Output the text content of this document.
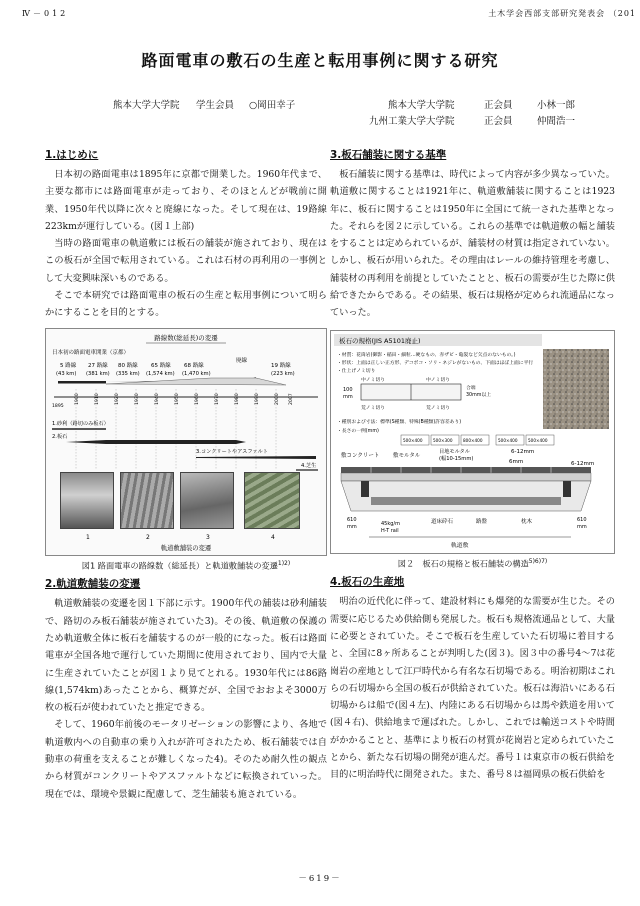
Ⅳ－012	土木学会西部支部研究発表会 （201
路面電車の敷石の生産と転用事例に関する研究
熊本大学大学院 学生会員 ○岡田幸子	熊本大学大学院	正会員	小林一郎
九州工業大学大学院	正会員	仲間浩一
1.はじめに

日本初の路面電車は1895年に京都で開業した。1960年代まで、主要な都市には路面電車が走っており、そのほとんどが戦前に開業、1950年代以降に次々と廃線になった。そして現在は、19路線223kmが運行している。(図１上部)

当時の路面電車の軌道敷には板石の舗装が施されており、現在はこの板石が全国で転用されている。これは石材の再利用の一事例として大変興味深いものである。

そこで本研究では路面電車の板石の生産と転用事例について明らかにすることを目的とする。

路線数(総延長)の変遷
日本初の路面電車開業（京都）
5 路線 27 路線 80 路線 65 路線 68 路線	19 路線
(43 km) (381 km) (335 km) (1,574 km) (1,470 km)	(223 km)
廃線
1895
1900	1910	1920	1930	1940	1950	1960	1970	1980	1990	2000 2007
1.砂利（路切のみ板石）
2.板石
3.コンクリートやアスファルト
4.芝生
1	2	3	4
軌道敷舗装の変遷
図1 路面電車の路線数（総延長）と軌道敷舗装の変遷$^{1)2)}$
2.軌道敷舗装の変遷

軌道敷舗装の変遷を図１下部に示す。1900年代の舗装は砂利舗装で、路切のみ板石舗装が施されていた3)。その後、軌道敷の保護のため軌道敷全体に板石を舗装するのが一般的になった。板石は路面電車が全国各地で運行していた期間に使用されており、国内で大量に生産されていたことが図１より見てとれる。1930年代には86路線(1,574km)あったことから、概算だが、全国でおおよそ3000万枚の板石が使われていたと推定できる。

そして、1960年前後のモータリゼーションの影響により、各地で軌道敷内への自動車の乗り入れが許可されたため、板石舗装では自動車の荷重を支えることが難しくなった4)。そのため耐久性の観点から材質がコンクリートやアスファルトなどに転換されていった。現在では、環境や景観に配慮して、芝生舗装も施されている。

3.板石舗装に関する基準

板石舗装に関する基準は、時代によって内容が多少異なっていた。軌道敷に関することは1921年に、軌道敷舗装に関することは1923年に、板石に関することは1950年に全国にて統一された基準となった。それらを図２に示している。これらの基準では軌道敷の幅と舗装をすることは定められているが、舗装材の材質は指定されていない。しかし、板石が用いられた。その理由はレールの維持管理を考慮し、舗装材の再利用を前提としていたことと、板石の需要が生じた際に供給できたからである。その結果、板石は規格が定められ流通品になっていった。

板石の規格(JIS A5101廃止)
・材質：花崗岩(御影・稲田・細粒…硬なもの、赤ザビ・亀裂など欠点のないもの。)
・形状：上面は正しい正方形、デコボコ・ソリ・ネジレがないもの、下面はほぼ上面に平行
・仕上げノミ切り
中ノミ切り	中ノミ切り
100
mm
合端
30mm以上
荒ノミ切り	荒ノミ切り
・種別および寸法：標準(S種類、特殊(B種類)許容差あり)
・長さの一例(mm)
500×400	500×300	800×400	500×400	500×400
敷コンクリート 敷モルタル
目地モルタル
(幅10-15mm)
6-12mm
6mm	6-12mm
610
mm
610
mm
45kg/m
H-T rail
道床砕石	路盤	枕木
軌道敷
図２　板石の規格と板石舗装の構造$^{5)6)7)}$
4.板石の生産地

明治の近代化に伴って、建設材料にも爆発的な需要が生じた。その需要に応じるため供給側も発展した。板石も規格流通品として、大量に必要とされていた。そこで板石を生産していた石切場に着目すると、全国に8ヶ所あることが判明した(図３)。図３中の番号4～7は花崗岩の産地として江戸時代から有名な石切場である。明治初期はこれらの石切場から全国の板石が供給されていた。板石は海沿いにある石切場からは船で(図４左)、内陸にある石切場からは馬や鉄道を用いて(図４右)、供給地まで運ばれた。しかし、これでは輸送コストや時間がかかることと、基準により板石の材質が花崗岩と定められていたことから、新たな石切場の開発が進んだ。番号１は東京市の板石供給を目的に明治時代に開発された。また、番号８は福岡県の板石供給を

－619－
